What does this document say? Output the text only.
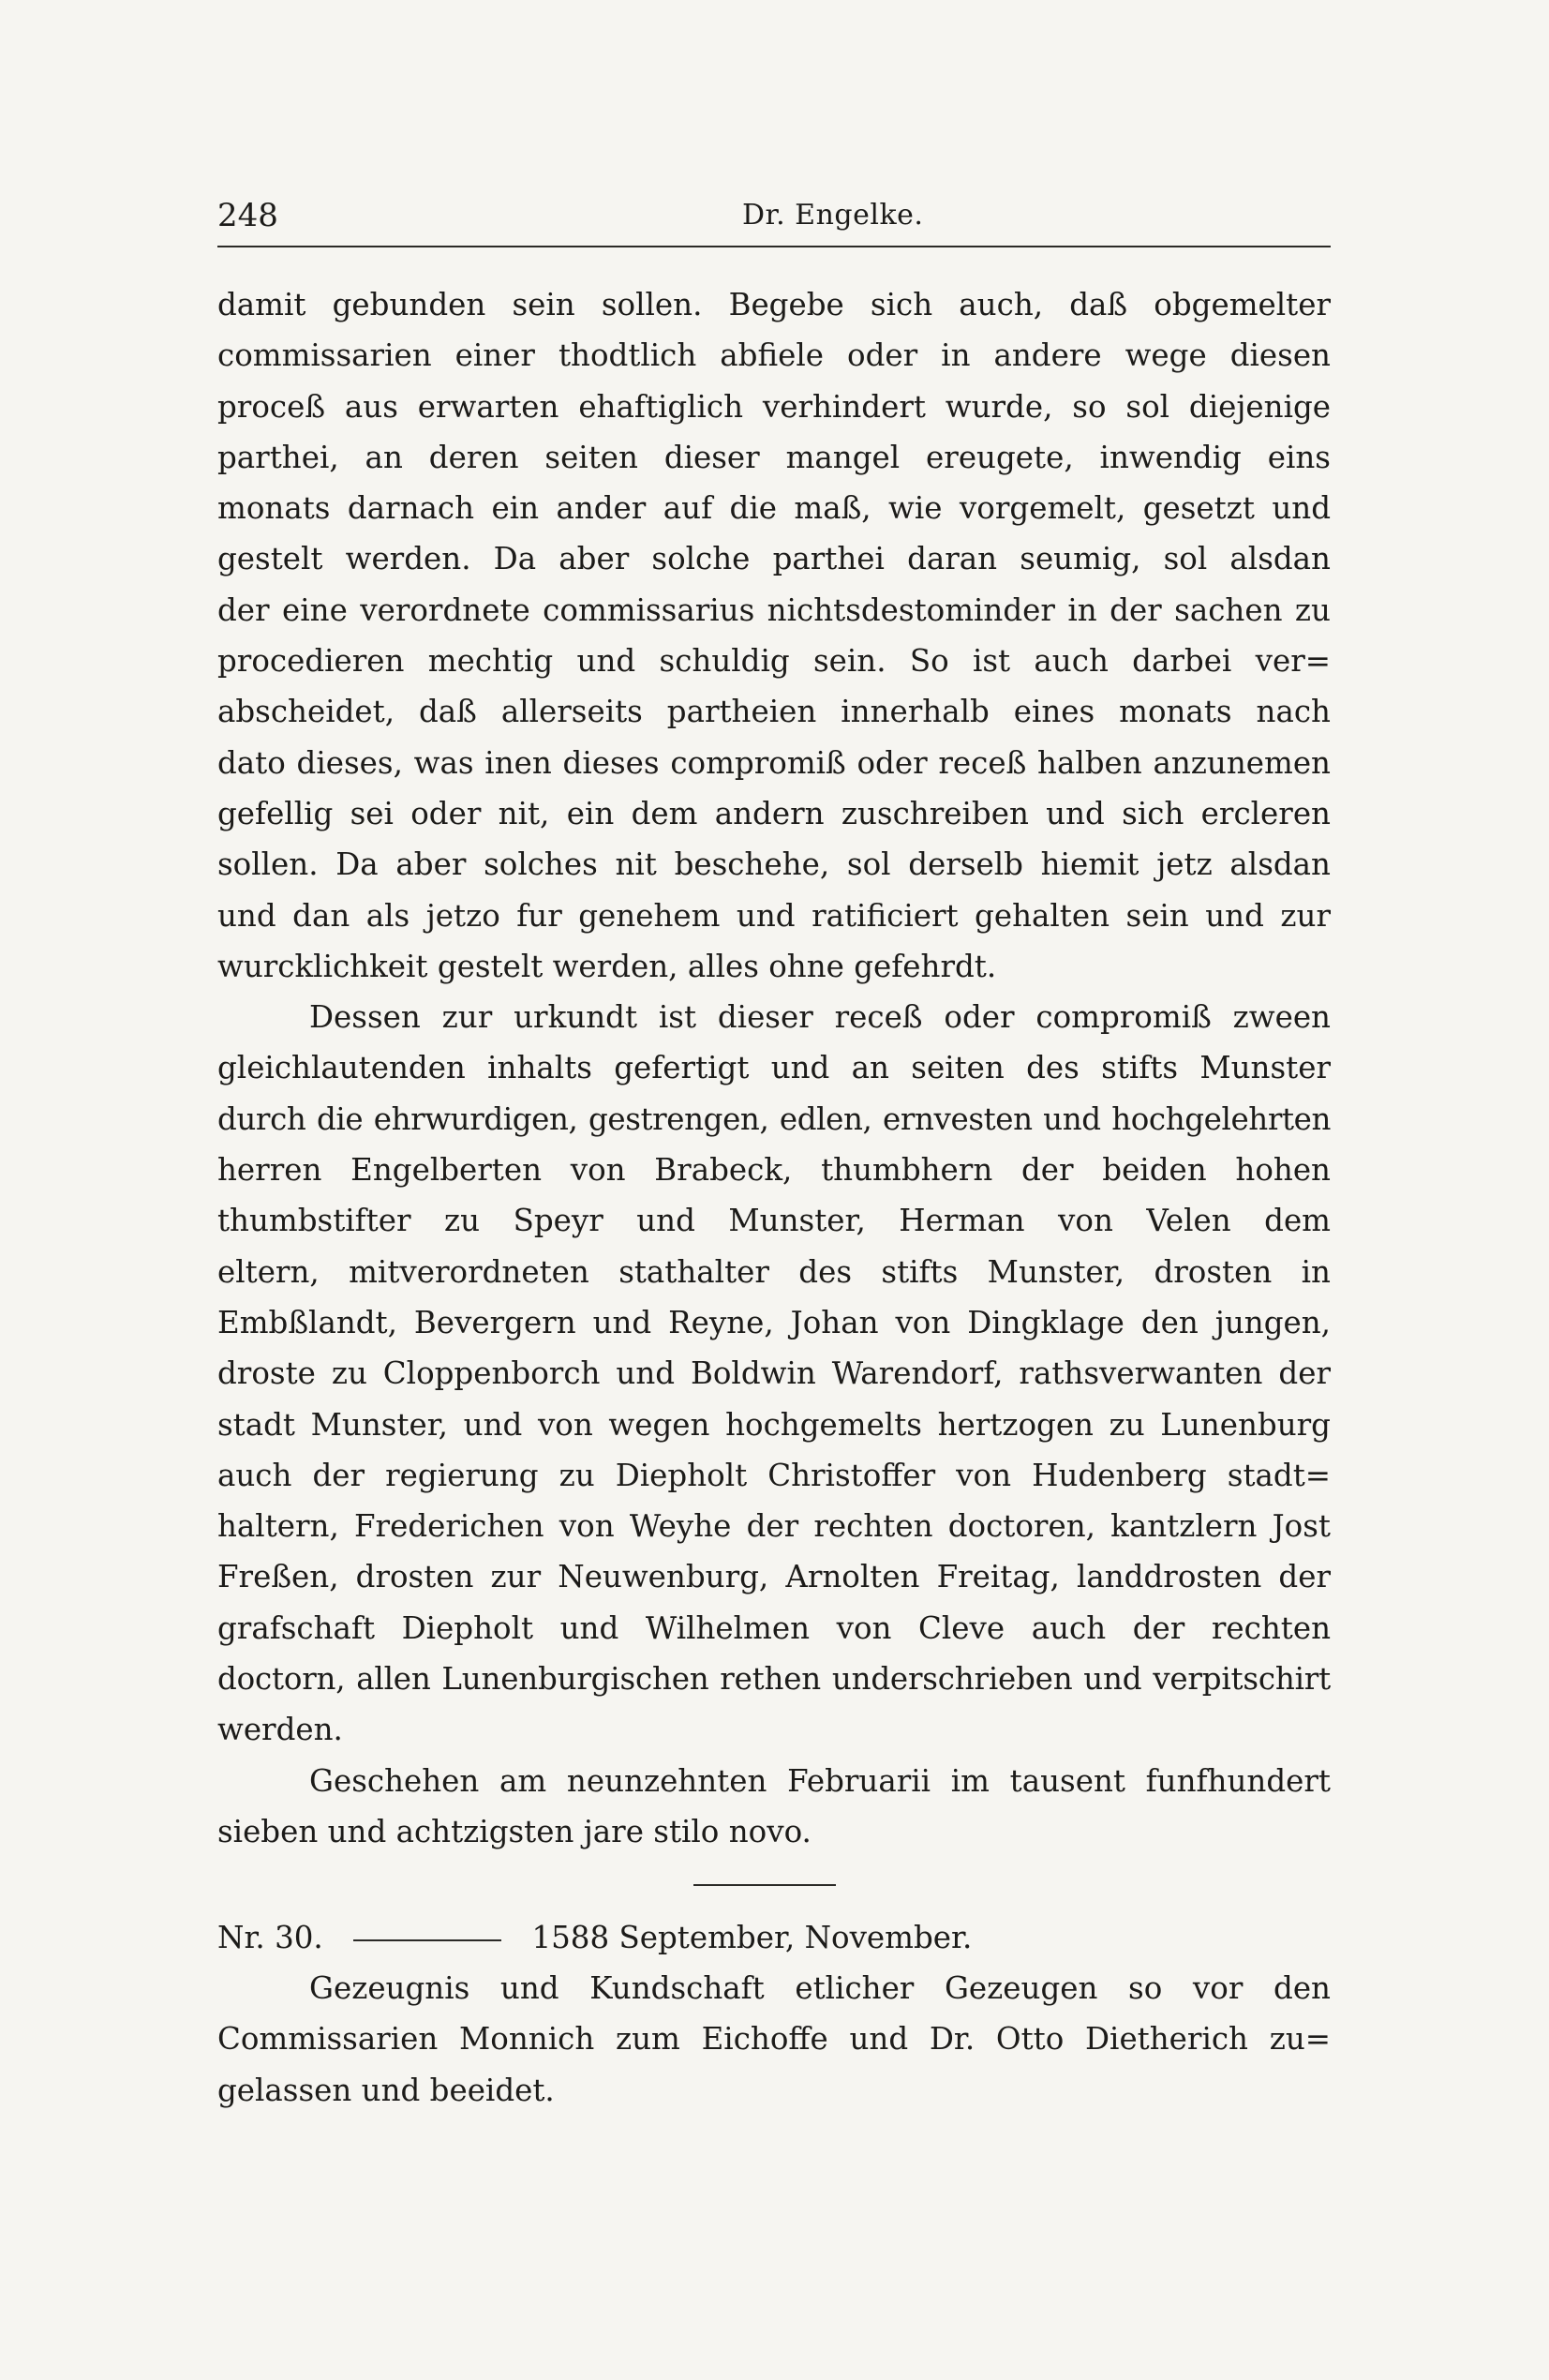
248	Dr. Engelke.
damit gebunden sein sollen. Begebe sich auch, daß obgemelter
commissarien einer thodtlich abfiele oder in andere wege diesen
proceß aus erwarten ehaftiglich verhindert wurde, so sol diejenige
parthei, an deren seiten dieser mangel ereugete, inwendig eins
monats darnach ein ander auf die maß, wie vorgemelt, gesetzt und
gestelt werden. Da aber solche parthei daran seumig, sol alsdan
der eine verordnete commissarius nichtsdestominder in der sachen zu
procedieren mechtig und schuldig sein. So ist auch darbei ver=
abscheidet, daß allerseits partheien innerhalb eines monats nach
dato dieses, was inen dieses compromiß oder receß halben anzunemen
gefellig sei oder nit, ein dem andern zuschreiben und sich ercleren
sollen. Da aber solches nit beschehe, sol derselb hiemit jetz alsdan
und dan als jetzo fur genehem und ratificiert gehalten sein und zur
wurcklichkeit gestelt werden, alles ohne gefehrdt.
Dessen zur urkundt ist dieser receß oder compromiß zween
gleichlautenden inhalts gefertigt und an seiten des stifts Munster
durch die ehrwurdigen, gestrengen, edlen, ernvesten und hochgelehrten
herren Engelberten von Brabeck, thumbhern der beiden hohen
thumbstifter zu Speyr und Munster, Herman von Velen dem
eltern, mitverordneten stathalter des stifts Munster, drosten in
Embßlandt, Bevergern und Reyne, Johan von Dingklage den jungen,
droste zu Cloppenborch und Boldwin Warendorf, rathsverwanten der
stadt Munster, und von wegen hochgemelts hertzogen zu Lunenburg
auch der regierung zu Diepholt Christoffer von Hudenberg stadt=
haltern, Frederichen von Weyhe der rechten doctoren, kantzlern Jost
Freßen, drosten zur Neuwenburg, Arnolten Freitag, landdrosten der
grafschaft Diepholt und Wilhelmen von Cleve auch der rechten
doctorn, allen Lunenburgischen rethen underschrieben und verpitschirt
werden.
Geschehen am neunzehnten Februarii im tausent funfhundert
sieben und achtzigsten jare stilo novo.
Nr. 30.	1588 September, November.
Gezeugnis und Kundschaft etlicher Gezeugen so vor den
Commissarien Monnich zum Eichoffe und Dr. Otto Dietherich zu=
gelassen und beeidet.
